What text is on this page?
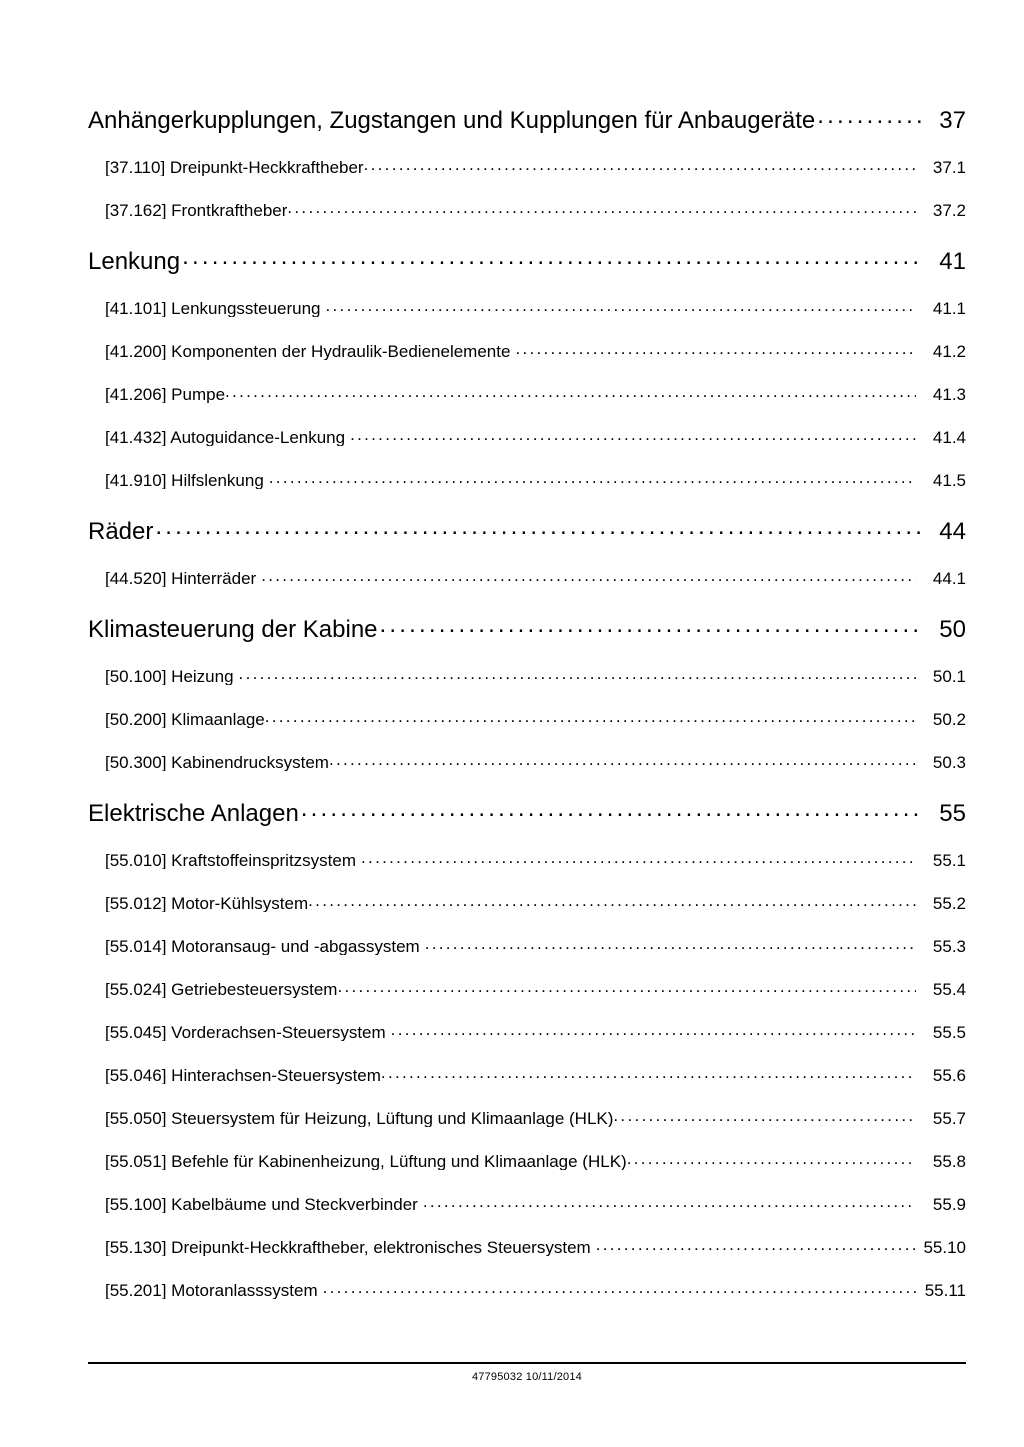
Anhängerkupplungen, Zugstangen und Kupplungen für Anbaugeräte .....	37
[37.110] Dreipunkt-Heckkraftheber .....	37.1
[37.162] Frontkraftheber .....	37.2
Lenkung .....	41
[41.101] Lenkungssteuerung .....	41.1
[41.200] Komponenten der Hydraulik-Bedienelemente .....	41.2
[41.206] Pumpe .....	41.3
[41.432] Autoguidance-Lenkung .....	41.4
[41.910] Hilfslenkung .....	41.5
Räder .....	44
[44.520] Hinterräder .....	44.1
Klimasteuerung der Kabine .....	50
[50.100] Heizung .....	50.1
[50.200] Klimaanlage .....	50.2
[50.300] Kabinendrucksystem .....	50.3
Elektrische Anlagen .....	55
[55.010] Kraftstoffeinspritzsystem .....	55.1
[55.012] Motor-Kühlsystem .....	55.2
[55.014] Motoransaug- und -abgassystem .....	55.3
[55.024] Getriebesteuersystem .....	55.4
[55.045] Vorderachsen-Steuersystem .....	55.5
[55.046] Hinterachsen-Steuersystem .....	55.6
[55.050] Steuersystem für Heizung, Lüftung und Klimaanlage (HLK) .....	55.7
[55.051] Befehle für Kabinenheizung, Lüftung und Klimaanlage (HLK) .....	55.8
[55.100] Kabelbäume und Steckverbinder .....	55.9
[55.130] Dreipunkt-Heckkraftheber, elektronisches Steuersystem .....	55.10
[55.201] Motoranlasssystem .....	55.11
47795032 10/11/2014
